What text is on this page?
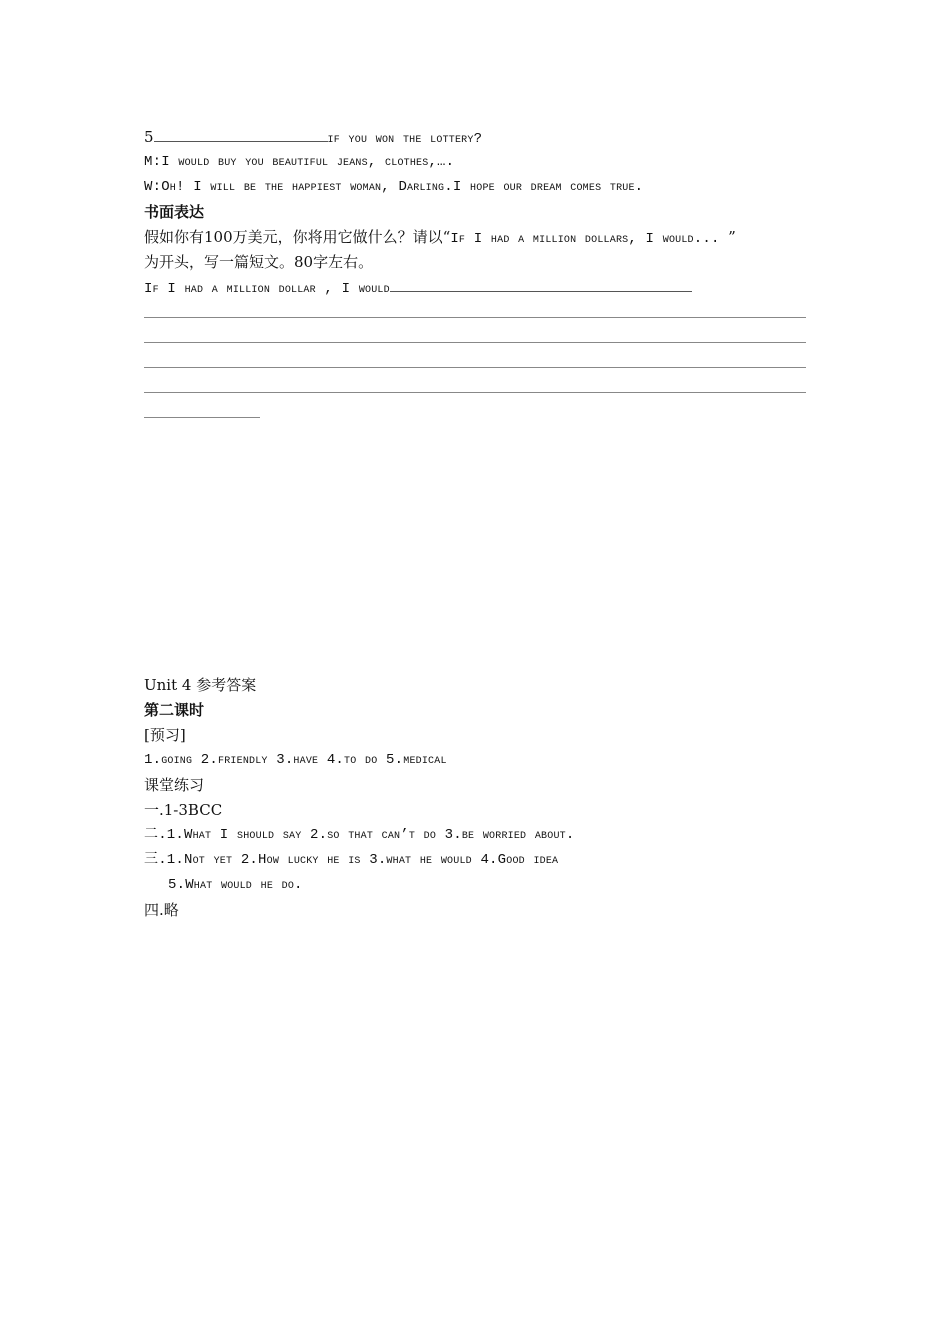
5	if you won the lottery?
M:I would buy you beautiful jeans, clothes,….
W:Oh! I will be the happiest woman, Darling.I hope our dream comes true.
书面表达
假如你有100万美元，你将用它做什么？请以“If I had a million dollars, I would... ”
为开头，写一篇短文。80字左右。
If I had a million dollar , I would
Unit 4 参考答案
第二课时
[预习]
1.going 2.friendly 3.have 4.to do 5.medical
课堂练习
一.1-3BCC
二.1.What I should say 2.so that can’t do 3.be worried about.
三.1.Not yet 2.How lucky he is 3.what he would 4.Good idea
5.What would he do.
四.略
